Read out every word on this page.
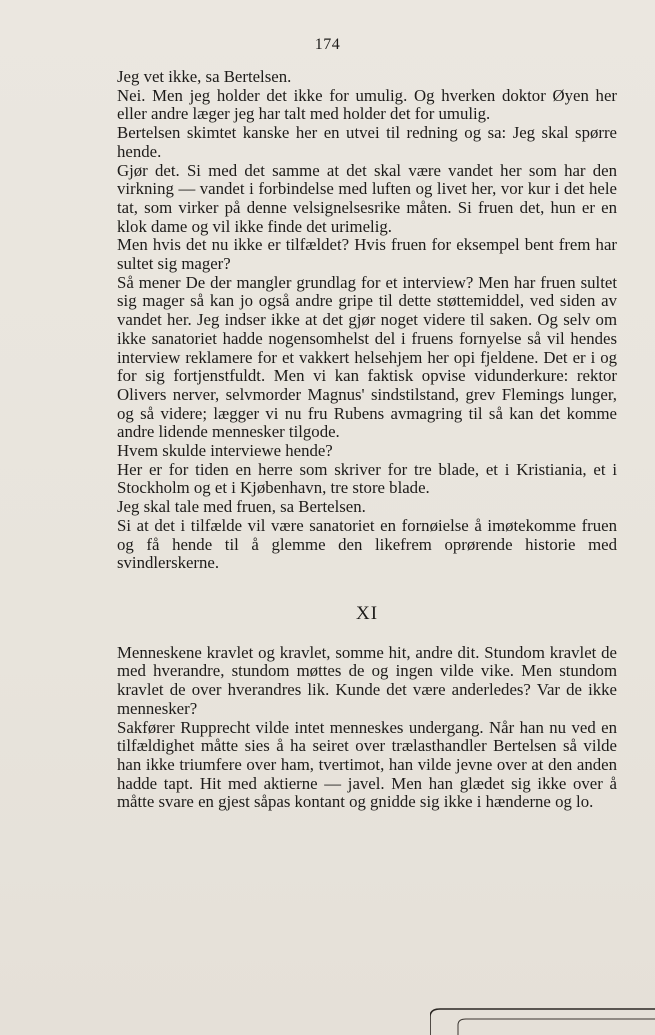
174

Jeg vet ikke, sa Bertelsen.

Nei. Men jeg holder det ikke for umulig. Og hverken doktor Øyen her eller andre læger jeg har talt med holder det for umulig.

Bertelsen skimtet kanske her en utvei til redning og sa: Jeg skal spørre hende.

Gjør det. Si med det samme at det skal være vandet her som har den virkning — vandet i forbindelse med luften og livet her, vor kur i det hele tat, som virker på denne velsignelsesrike måten. Si fruen det, hun er en klok dame og vil ikke finde det urimelig.

Men hvis det nu ikke er tilfældet? Hvis fruen for eksempel bent frem har sultet sig mager?

Så mener De der mangler grundlag for et interview? Men har fruen sultet sig mager så kan jo også andre gripe til dette støttemiddel, ved siden av vandet her. Jeg indser ikke at det gjør noget videre til saken. Og selv om ikke sanatoriet hadde nogensomhelst del i fruens fornyelse så vil hendes interview reklamere for et vakkert helsehjem her opi fjeldene. Det er i og for sig fortjenstfuldt. Men vi kan faktisk opvise vidunderkure: rektor Olivers nerver, selvmorder Magnus' sindstilstand, grev Flemings lunger, og så videre; lægger vi nu fru Rubens avmagring til så kan det komme andre lidende mennesker tilgode.

Hvem skulde interviewe hende?

Her er for tiden en herre som skriver for tre blade, et i Kristiania, et i Stockholm og et i Kjøbenhavn, tre store blade.

Jeg skal tale med fruen, sa Bertelsen.

Si at det i tilfælde vil være sanatoriet en fornøielse å imøtekomme fruen og få hende til å glemme den likefrem oprørende historie med svindlerskerne.

XI

Menneskene kravlet og kravlet, somme hit, andre dit. Stundom kravlet de med hverandre, stundom møttes de og ingen vilde vike. Men stundom kravlet de over hverandres lik. Kunde det være anderledes? Var de ikke mennesker?

Sakfører Rupprecht vilde intet menneskes undergang. Når han nu ved en tilfældighet måtte sies å ha seiret over trælasthandler Bertelsen så vilde han ikke triumfere over ham, tvertimot, han vilde jevne over at den anden hadde tapt. Hit med aktierne — javel. Men han glædet sig ikke over å måtte svare en gjest såpas kontant og gnidde sig ikke i hænderne og lo.
